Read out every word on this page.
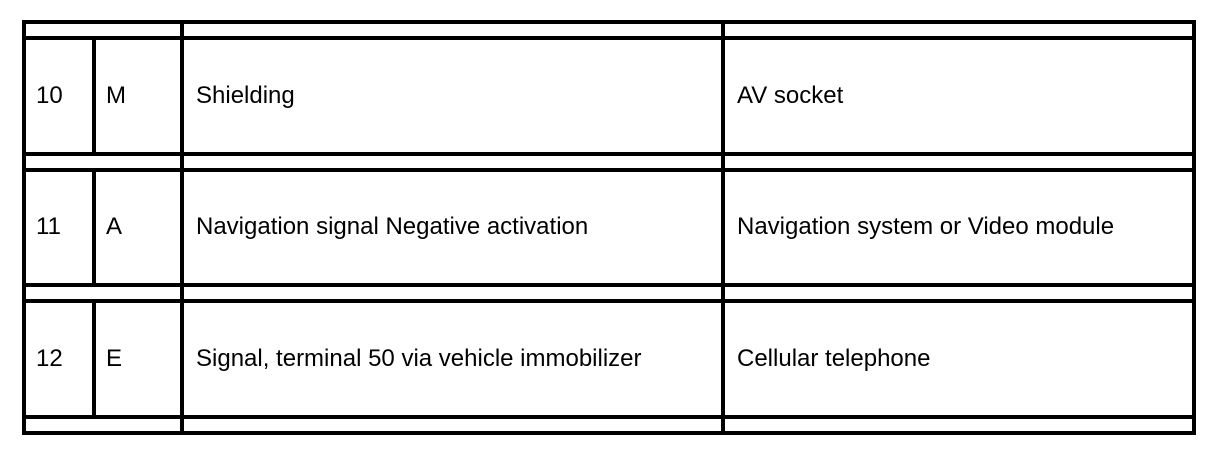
10	M	Shielding	AV socket

11	A	Navigation signal Negative activation	Navigation system or Video module

12	E	Signal, terminal 50 via vehicle immobilizer	Cellular telephone
